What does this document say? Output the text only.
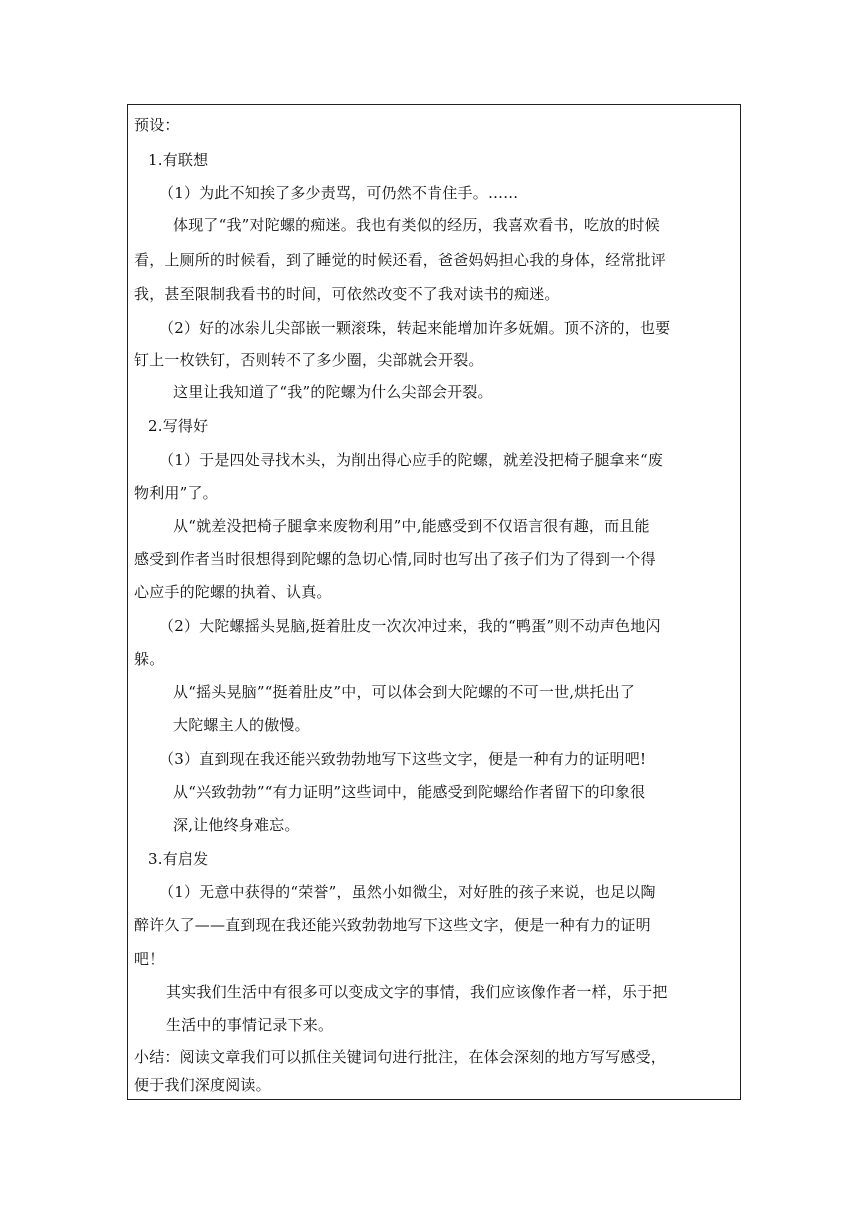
预设：
1.有联想
（1）为此不知挨了多少责骂，可仍然不肯住手。……
体现了“我”对陀螺的痴迷。我也有类似的经历，我喜欢看书，吃放的时候
看，上厕所的时候看，到了睡觉的时候还看，爸爸妈妈担心我的身体，经常批评
我，甚至限制我看书的时间，可依然改变不了我对读书的痴迷。
（2）好的冰尜儿尖部嵌一颗滚珠，转起来能增加许多妩媚。顶不济的，也要
钉上一枚铁钉，否则转不了多少圈，尖部就会开裂。
这里让我知道了“我”的陀螺为什么尖部会开裂。
2.写得好
（1）于是四处寻找木头，为削出得心应手的陀螺，就差没把椅子腿拿来“废
物利用”了。
从“就差没把椅子腿拿来废物利用”中,能感受到不仅语言很有趣，而且能
感受到作者当时很想得到陀螺的急切心情,同时也写出了孩子们为了得到一个得
心应手的陀螺的执着、认真。
（2）大陀螺摇头晃脑,挺着肚皮一次次冲过来，我的“鸭蛋”则不动声色地闪
躲。
从“摇头晃脑”“挺着肚皮”中，可以体会到大陀螺的不可一世,烘托出了
大陀螺主人的傲慢。
（3）直到现在我还能兴致勃勃地写下这些文字，便是一种有力的证明吧!
从“兴致勃勃”“有力证明”这些词中，能感受到陀螺给作者留下的印象很
深,让他终身难忘。
3.有启发
（1）无意中获得的“荣誉”，虽然小如微尘，对好胜的孩子来说，也足以陶
醉许久了——直到现在我还能兴致勃勃地写下这些文字，便是一种有力的证明
吧！
其实我们生活中有很多可以变成文字的事情，我们应该像作者一样，乐于把
生活中的事情记录下来。
小结：阅读文章我们可以抓住关键词句进行批注，在体会深刻的地方写写感受，
便于我们深度阅读。
